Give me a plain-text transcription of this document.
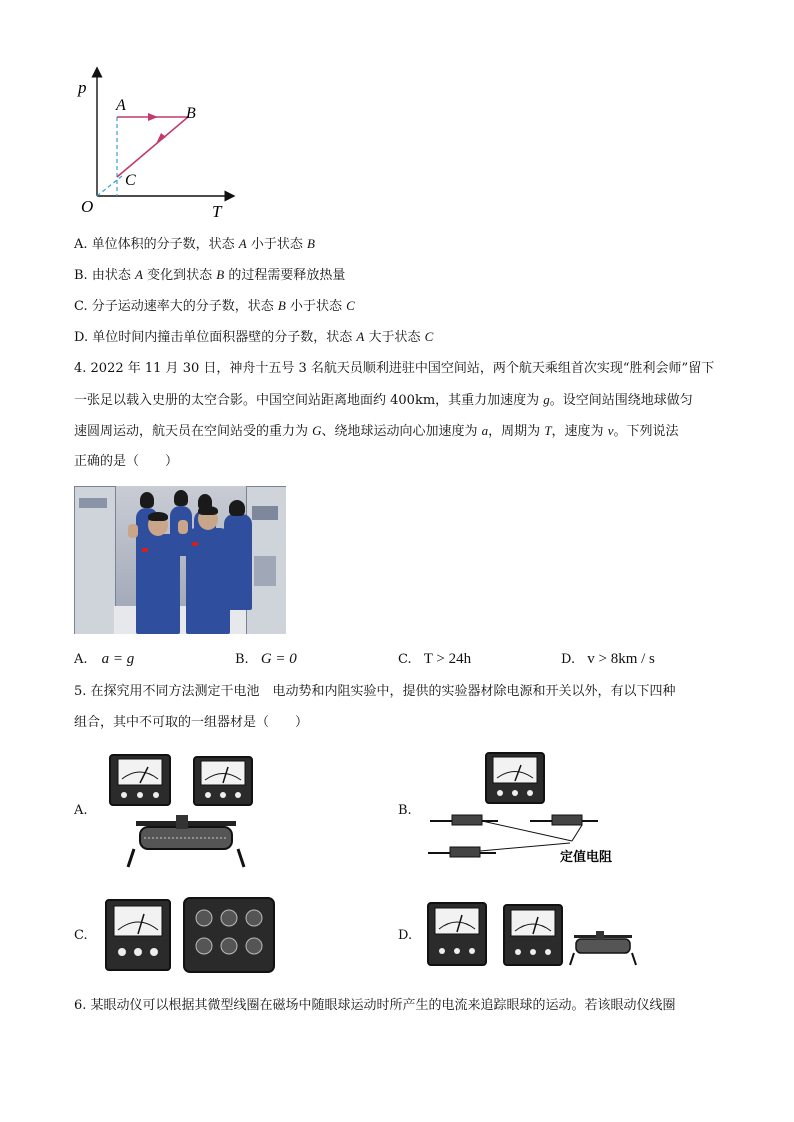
p
T
O
A	B
C
A. 单位体积的分子数，状态 A 小于状态 B
B. 由状态 A 变化到状态 B 的过程需要释放热量
C. 分子运动速率大的分子数，状态 B 小于状态 C
D. 单位时间内撞击单位面积器壁的分子数，状态 A 大于状态 C
4. 2022 年 11 月 30 日，神舟十五号 3 名航天员顺利进驻中国空间站，两个航天乘组首次实现“胜利会师”留下
一张足以载入史册的太空合影。中国空间站距离地面约 400km，其重力加速度为 g。设空间站围绕地球做匀
速圆周运动，航天员在空间站受的重力为 G、绕地球运动向心加速度为 a，周期为 T，速度为 v。下列说法
正确的是（　　）
A. a = g	B. G = 0	C. T > 24h	D. v > 8km / s
5. 在探究用不同方法测定干电池　电动势和内阻实验中，提供的实验器材除电源和开关以外，有以下四种
组合，其中不可取的一组器材是（　　）
A.	B.
定值电阻
C.	D.
6. 某眼动仪可以根据其微型线圈在磁场中随眼球运动时所产生的电流来追踪眼球的运动。若该眼动仪线圈
